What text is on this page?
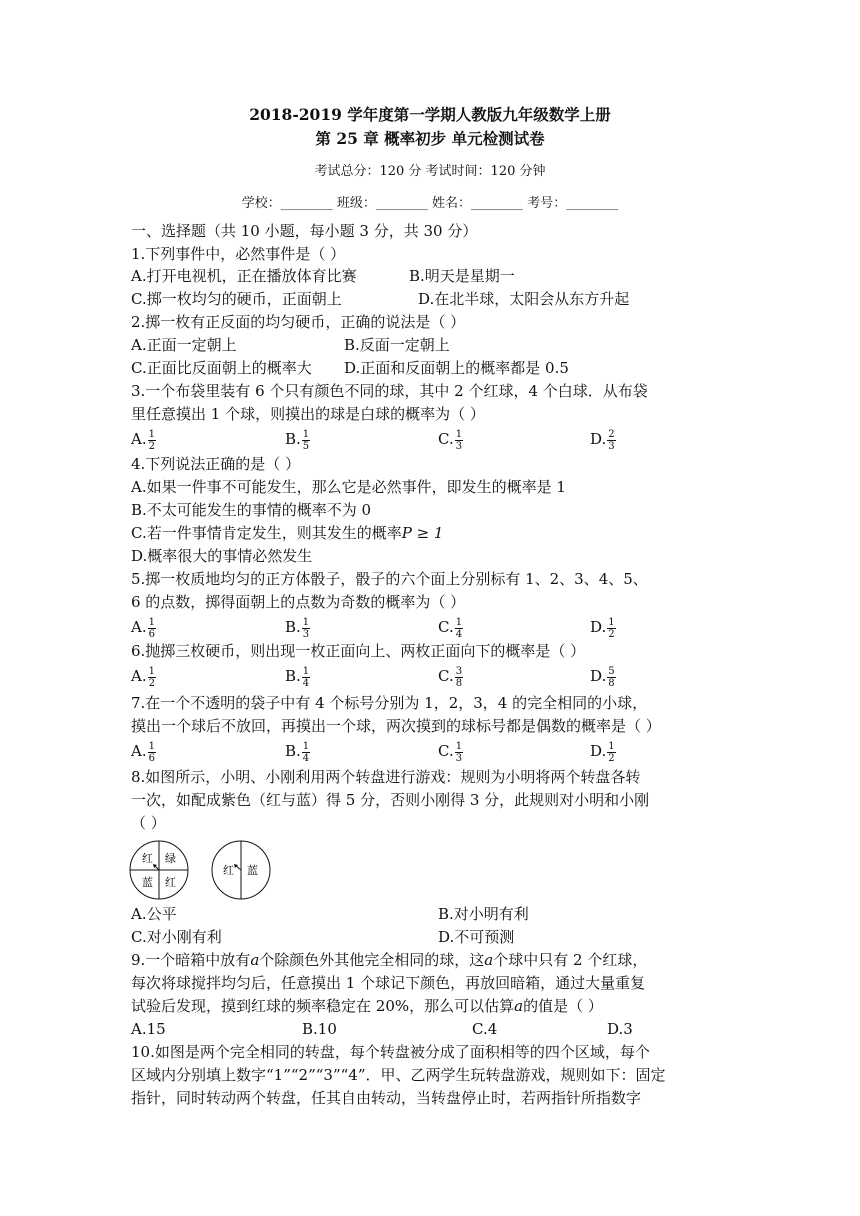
2018-2019 学年度第一学期人教版九年级数学上册
第 25 章 概率初步 单元检测试卷
考试总分：120 分 考试时间：120 分钟
学校：________ 班级：________ 姓名：________ 考号：________
一、选择题（共 10 小题，每小题 3 分，共 30 分）
1.下列事件中，必然事件是（ ）
A.打开电视机，正在播放体育比赛	B.明天是星期一
C.掷一枚均匀的硬币，正面朝上	D.在北半球，太阳会从东方升起
2.掷一枚有正反面的均匀硬币，正确的说法是（ ）
A.正面一定朝上	B.反面一定朝上
C.正面比反面朝上的概率大 D.正面和反面朝上的概率都是 0.5
3.一个布袋里装有 6 个只有颜色不同的球，其中 2 个红球，4 个白球．从布袋
里任意摸出 1 个球，则摸出的球是白球的概率为（ ）
A. $\frac{1}{2}$	B. $\frac{1}{5}$	C. $\frac{1}{3}$	D. $\frac{2}{3}$
4.下列说法正确的是（ ）
A.如果一件事不可能发生，那么它是必然事件，即发生的概率是 1
B.不太可能发生的事情的概率不为 0
C.若一件事情肯定发生，则其发生的概率P ≥ 1
D.概率很大的事情必然发生
5.掷一枚质地均匀的正方体骰子，骰子的六个面上分别标有 1、2、3、4、5、
6 的点数，掷得面朝上的点数为奇数的概率为（ ）
A. $\frac{1}{6}$	B. $\frac{1}{3}$	C. $\frac{1}{4}$	D. $\frac{1}{2}$
6.抛掷三枚硬币，则出现一枚正面向上、两枚正面向下的概率是（ ）
A. $\frac{1}{2}$	B. $\frac{1}{4}$	C. $\frac{3}{8}$	D. $\frac{5}{8}$
7.在一个不透明的袋子中有 4 个标号分别为 1，2，3，4 的完全相同的小球，
摸出一个球后不放回，再摸出一个球，两次摸到的球标号都是偶数的概率是（ ）
A. $\frac{1}{6}$	B. $\frac{1}{4}$	C. $\frac{1}{3}$	D. $\frac{1}{2}$
8.如图所示，小明、小刚利用两个转盘进行游戏：规则为小明将两个转盘各转
一次，如配成紫色（红与蓝）得 5 分，否则小刚得 3 分，此规则对小明和小刚
（ ）
红 绿
蓝 红
红 蓝
A.公平	B.对小明有利
C.对小刚有利	D.不可预测
9.一个暗箱中放有a个除颜色外其他完全相同的球，这a个球中只有 2 个红球，
每次将球搅拌均匀后，任意摸出 1 个球记下颜色，再放回暗箱，通过大量重复
试验后发现，摸到红球的频率稳定在 20%，那么可以估算a的值是（ ）
A.15	B.10	C.4	D.3
10.如图是两个完全相同的转盘，每个转盘被分成了面积相等的四个区域，每个
区域内分别填上数字“1”“2”“3”“4”．甲、乙两学生玩转盘游戏，规则如下：固定
指针，同时转动两个转盘，任其自由转动，当转盘停止时，若两指针所指数字
